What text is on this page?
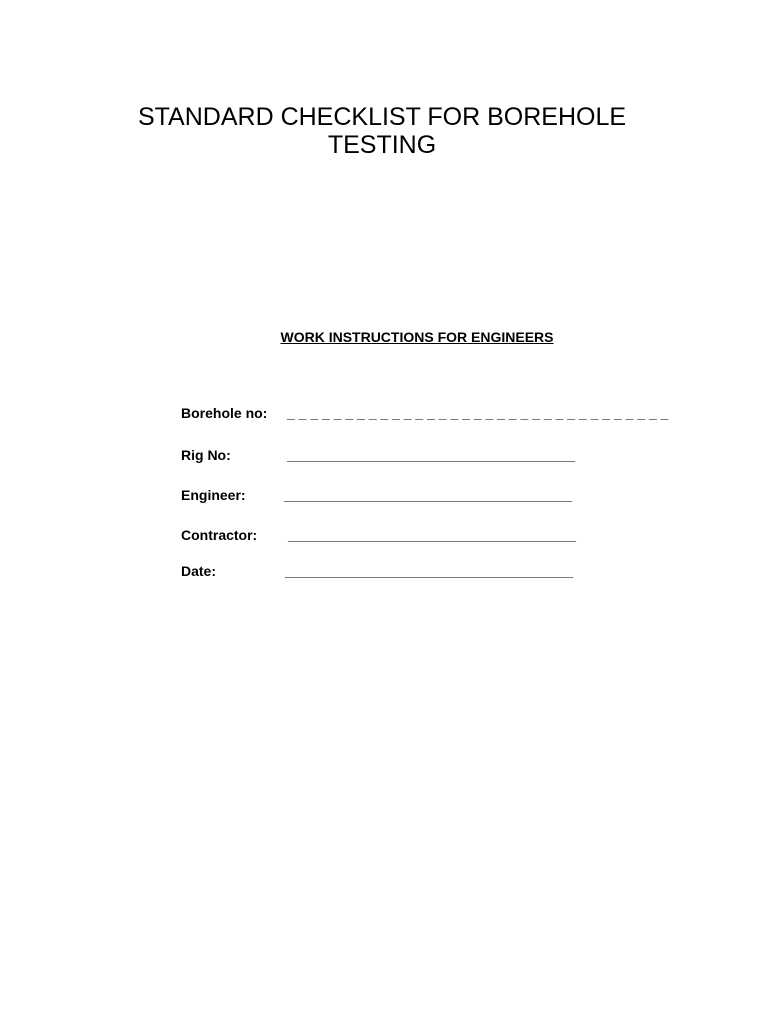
STANDARD CHECKLIST FOR BOREHOLE
TESTING
WORK INSTRUCTIONS FOR ENGINEERS
Borehole no: _ _ _ _ _ _ _ _ _ _ _ _ _ _ _ _ _ _ _ _ _ _ _ _ _ _ _ _ _ _ _ _ _
Rig No:	_____________________________________
Engineer:	_____________________________________
Contractor: _____________________________________
Date:	_____________________________________
